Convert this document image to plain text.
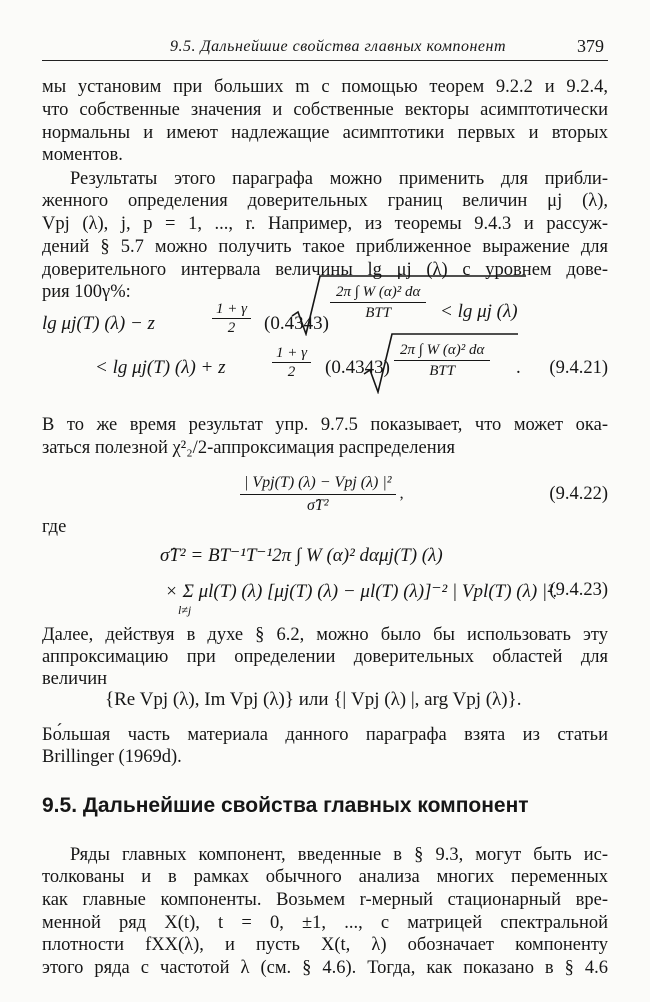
9.5. Дальнейшие свойства главных компонент	379
мы установим при больших m с помощью теорем 9.2.2 и 9.2.4,
что собственные значения и собственные векторы асимптотически
нормальны и имеют надлежащие асимптотики первых и вторых
моментов.
Результаты этого параграфа можно применить для прибли-
женного определения доверительных границ величин μj (λ),
Vpj (λ), j, p = 1, ..., r. Например, из теоремы 9.4.3 и рассуж-
дений § 5.7 можно получить такое приближенное выражение для
доверительного интервала величины lg μj (λ) с уровнем дове-
рия 100γ%:
lg μj(T) (λ) − z	$\frac{1 + \gamma}{2} (0.4343)$
$\frac{\text{2π ∫ W (α)² dα}}{\text{BTT}} < \lg \mu j$ (λ)
< lg μj(T) (λ) + z	$\frac{1 + \gamma}{2} (0.4343) \frac{\text{2π ∫ W (α)² dα}}{\text{BTT}}$ . (9.4.21)
В то же время результат упр. 9.7.5 показывает, что может ока-
заться полезной χ²₂/2-аппроксимация распределения
$\frac{\text{| Vpj(T) (λ) − Vpj (λ) |²}}{\text{σ̂T²}}$ ,	(9.4.22)
где
σ̂T² = BT⁻¹T⁻¹2π ∫ W (α)² dαμj(T) (λ)
× Σ μl(T) (λ) [μj(T) (λ) − μl(T) (λ)]⁻² | Vpl(T) (λ) |².
l≠j
(9.4.23)
Далее, действуя в духе § 6.2, можно было бы использовать эту
аппроксимацию при определении доверительных областей для
величин
{Re Vpj (λ), Im Vpj (λ)} или {| Vpj (λ) |, arg Vpj (λ)}.
Бо́льшая часть материала данного параграфа взята из статьи
Brillinger (1969d).
9.5. Дальнейшие свойства главных компонент
Ряды главных компонент, введенные в § 9.3, могут быть ис-
толкованы и в рамках обычного анализа многих переменных
как главные компоненты. Возьмем r-мерный стационарный вре-
менной ряд X(t), t = 0, ±1, ..., с матрицей спектральной
плотности fXX(λ), и пусть X(t, λ) обозначает компоненту
этого ряда с частотой λ (см. § 4.6). Тогда, как показано в § 4.6
